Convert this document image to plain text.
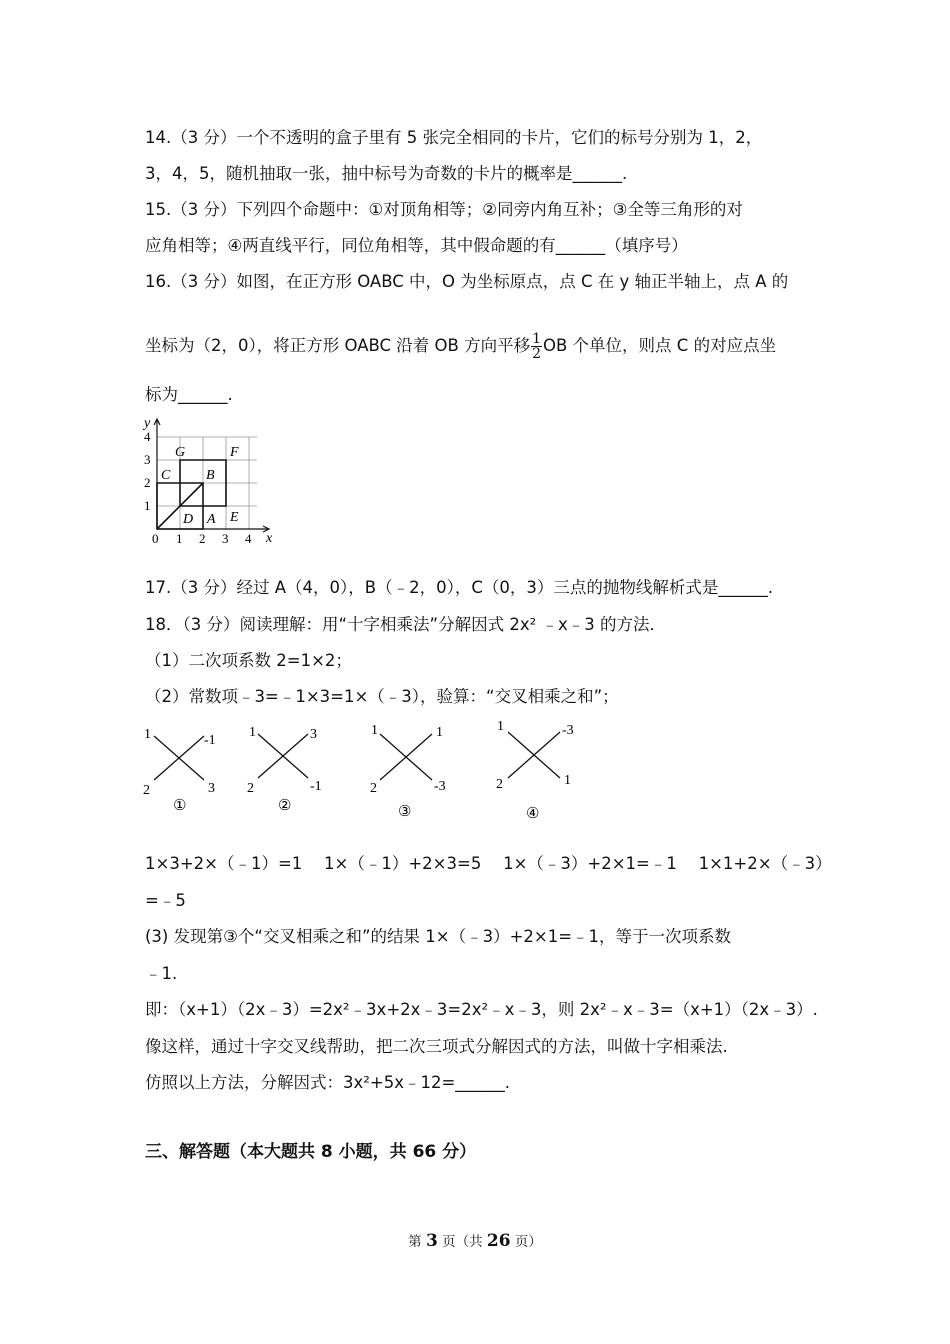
14.（3 分）一个不透明的盒子里有 5 张完全相同的卡片，它们的标号分别为 1，2，
3，4，5，随机抽取一张，抽中标号为奇数的卡片的概率是______.
15.（3 分）下列四个命题中：①对顶角相等；②同旁内角互补；③全等三角形的对
应角相等；④两直线平行，同位角相等，其中假命题的有______（填序号）
16.（3 分）如图，在正方形 OABC 中，O 为坐标原点，点 C 在 y 轴正半轴上，点 A 的
坐标为（2，0），将正方形 OABC 沿着 OB 方向平移 $\frac{1}{2}$ OB 个单位，则点 C 的对应点坐
标为______.
y
x
0 1 2 3 4
1
2
3
4
G	F
C	B
D A E
17.（3 分）经过 A（4，0），B（﹣2，0），C（0，3）三点的抛物线解析式是______.
18．（3 分）阅读理解：用“十字相乘法”分解因式 2x² ﹣x﹣3 的方法．
（1）二次项系数 2=1×2；
（2）常数项﹣3=﹣1×3=1×（﹣3），验算：“交叉相乘之和”；
1	-1
2	3
①
1	3
2	-1
②
1	1
2	-3
③
1	-3
2	1
④
1×3+2×（﹣1）=1　 1×（﹣1）+2×3=5　 1×（﹣3）+2×1=﹣1　 1×1+2×（﹣3）
=﹣5
(3) 发现第③个“交叉相乘之和”的结果 1×（﹣3）+2×1=﹣1，等于一次项系数
﹣1.
即：（x+1）（2x﹣3）=2x²﹣3x+2x﹣3=2x²﹣x﹣3，则 2x²﹣x﹣3=（x+1）（2x﹣3）.
像这样，通过十字交叉线帮助，把二次三项式分解因式的方法，叫做十字相乘法.
仿照以上方法，分解因式：3x²+5x﹣12=______.
三、解答题（本大题共 8 小题，共 66 分）
第 3 页（共 26 页）
